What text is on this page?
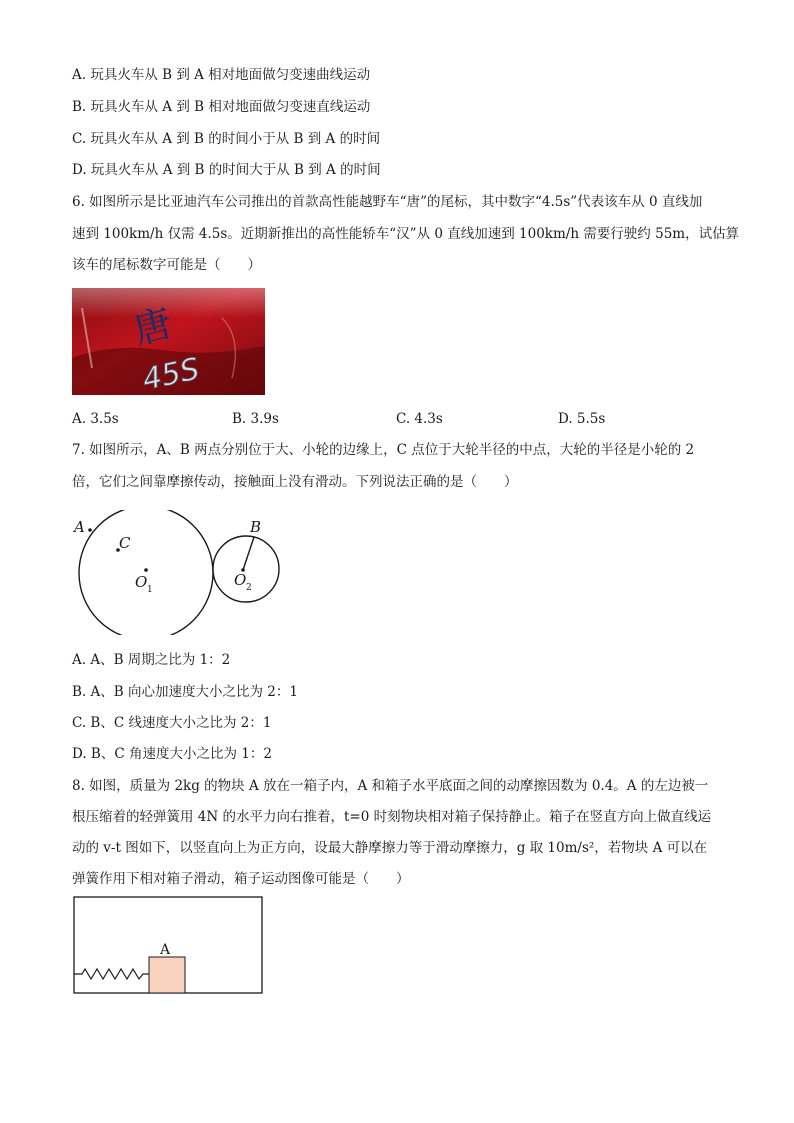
A. 玩具火车从 B 到 A 相对地面做匀变速曲线运动
B. 玩具火车从 A 到 B 相对地面做匀变速直线运动
C. 玩具火车从 A 到 B 的时间小于从 B 到 A 的时间
D. 玩具火车从 A 到 B 的时间大于从 B 到 A 的时间
6. 如图所示是比亚迪汽车公司推出的首款高性能越野车“唐”的尾标，其中数字“4.5s”代表该车从 0 直线加
速到 100km/h 仅需 4.5s。近期新推出的高性能轿车“汉”从 0 直线加速到 100km/h 需要行驶约 55m，试估算
该车的尾标数字可能是（　　）
唐
45S
A. 3.5s	B. 3.9s	C. 4.3s	D. 5.5s
7. 如图所示，A、B 两点分别位于大、小轮的边缘上，C 点位于大轮半径的中点，大轮的半径是小轮的 2
倍，它们之间靠摩擦传动，接触面上没有滑动。下列说法正确的是（　　）
A
C
B
O 1
O 2
A. A、B 周期之比为 1：2
B. A、B 向心加速度大小之比为 2：1
C. B、C 线速度大小之比为 2：1
D. B、C 角速度大小之比为 1：2
8. 如图，质量为 2kg 的物块 A 放在一箱子内，A 和箱子水平底面之间的动摩擦因数为 0.4。A 的左边被一
根压缩着的轻弹簧用 4N 的水平力向右推着，t=0 时刻物块相对箱子保持静止。箱子在竖直方向上做直线运
动的 v-t 图如下，以竖直向上为正方向，设最大静摩擦力等于滑动摩擦力，g 取 10m/s²，若物块 A 可以在
弹簧作用下相对箱子滑动，箱子运动图像可能是（　　）
A
